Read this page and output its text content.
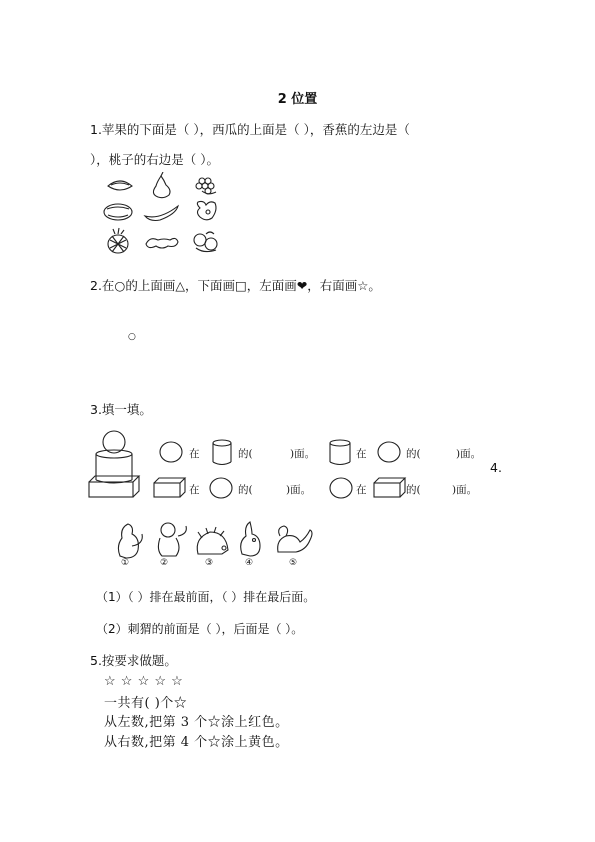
2 位置
1.苹果的下面是（ ），西瓜的上面是（ ），香蕉的左边是（
），桃子的右边是（ ）。
2.在○的上面画△，下面画□，左面画❤，右面画☆。
○
3.填一填。
在	的(	)面。	在	的(	)面。
4.
在	的(	)面。	在	的(	)面。
①	②	③	④	⑤
（1）（ ）排在最前面，（ ）排在最后面。
（2）刺猬的前面是（ ），后面是（ ）。
5.按要求做题。
☆ ☆ ☆ ☆ ☆
一共有( )个☆
从左数,把第 3 个☆涂上红色。
从右数,把第 4 个☆涂上黄色。
